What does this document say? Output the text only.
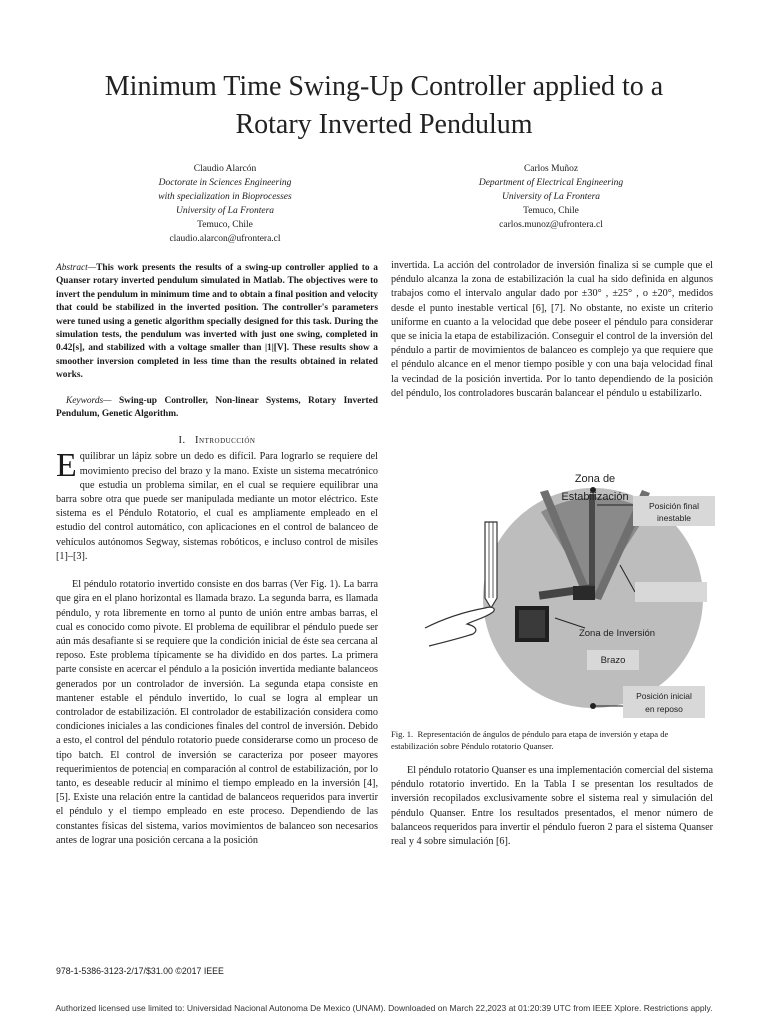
Minimum Time Swing-Up Controller applied to a
Rotary Inverted Pendulum
Claudio Alarcón
Doctorate in Sciences Engineering
with specialization in Bioprocesses
University of La Frontera
Temuco, Chile
claudio.alarcon@ufrontera.cl
Carlos Muñoz
Department of Electrical Engineering
University of La Frontera
Temuco, Chile
carlos.munoz@ufrontera.cl
Abstract—This work presents the results of a swing-up controller applied to a Quanser rotary inverted pendulum simulated in Matlab. The objectives were to invert the pendulum in minimum time and to obtain a final position and velocity that could be stabilized in the inverted position. The controller's parameters were tuned using a genetic algorithm specially designed for this task. During the simulation tests, the pendulum was inverted with just one swing, completed in 0.42[s], and stabilized with a voltage smaller than |1|[V]. These results show a smoother inversion completed in less time than the results obtained in related works.
Keywords— Swing-up Controller, Non-linear Systems, Rotary Inverted Pendulum, Genetic Algorithm.
I. Introducción

Equilibrar un lápiz sobre un dedo es difícil. Para lograrlo se requiere del movimiento preciso del brazo y la mano. Existe un sistema mecatrónico que estudia un problema similar, en el cual se requiere equilibrar una barra sobre otra que puede ser manipulada mediante un motor eléctrico. Este sistema es el Péndulo Rotatorio, el cual es ampliamente empleado en el estudio del control automático, con aplicaciones en el control de balanceo de vehículos autónomos Segway, sistemas robóticos, e incluso control de misiles [1]–[3].

El péndulo rotatorio invertido consiste en dos barras (Ver Fig. 1). La barra que gira en el plano horizontal es llamada brazo. La segunda barra, es llamada péndulo, y rota libremente en torno al punto de unión entre ambas barras, el cual es conocido como pivote. El problema de equilibrar el péndulo puede ser aún más desafiante si se requiere que la condición inicial de éste sea cercana al reposo. Este problema típicamente se ha dividido en dos partes. La primera parte consiste en acercar el péndulo a la posición invertida mediante balanceos generados por un controlador de inversión. La segunda etapa consiste en mantener estable el péndulo invertido, lo cual se logra al emplear un controlador de estabilización. El controlador de estabilización considera como condiciones iniciales a las condiciones finales del control de inversión. Debido a esto, el control del péndulo rotatorio puede considerarse como un proceso de tipo batch. El control de inversión se caracteriza por poseer mayores requerimientos de potencia| en comparación al control de estabilización, por lo tanto, es deseable reducir al mínimo el tiempo empleado en la inversión [4], [5]. Existe una relación entre la cantidad de balanceos requeridos para invertir el péndulo y el tiempo empleado en este proceso. Dependiendo de las constantes físicas del sistema, varios movimientos de balanceo son necesarios antes de lograr una posición cercana a la posición

invertida. La acción del controlador de inversión finaliza si se cumple que el péndulo alcanza la zona de estabilización la cual ha sido definida en algunos trabajos como el intervalo angular dado por ±30° , ±25° , o ±20°, medidos desde el punto inestable vertical [6], [7]. No obstante, no existe un criterio uniforme en cuanto a la velocidad que debe poseer el péndulo para considerar que se inicia la etapa de estabilización. Conseguir el control de la inversión del péndulo a partir de movimientos de balanceo es complejo ya que requiere que el péndulo alcance en el menor tiempo posible y con una baja velocidad final la vecindad de la posición invertida. Por lo tanto dependiendo de la posición del péndulo, los controladores buscarán balancear el péndulo u estabilizarlo.

Zona de
Estabilización
Posición final
inestable
Zona de Inversión
Brazo
Posición inicial
en reposo
Fig. 1. Representación de ángulos de péndulo para etapa de inversión y etapa de estabilización sobre Péndulo rotatorio Quanser.

El péndulo rotatorio Quanser es una implementación comercial del sistema péndulo rotatorio invertido. En la Tabla I se presentan los resultados de inversión recopilados exclusivamente sobre el sistema real y simulación del péndulo Quanser. Entre los resultados presentados, el menor número de balanceos requeridos para invertir el péndulo fueron 2 para el sistema Quanser real y 4 sobre simulación [6].

978-1-5386-3123-2/17/$31.00 ©2017 IEEE
Authorized licensed use limited to: Universidad Nacional Autonoma De Mexico (UNAM). Downloaded on March 22,2023 at 01:20:39 UTC from IEEE Xplore. Restrictions apply.
